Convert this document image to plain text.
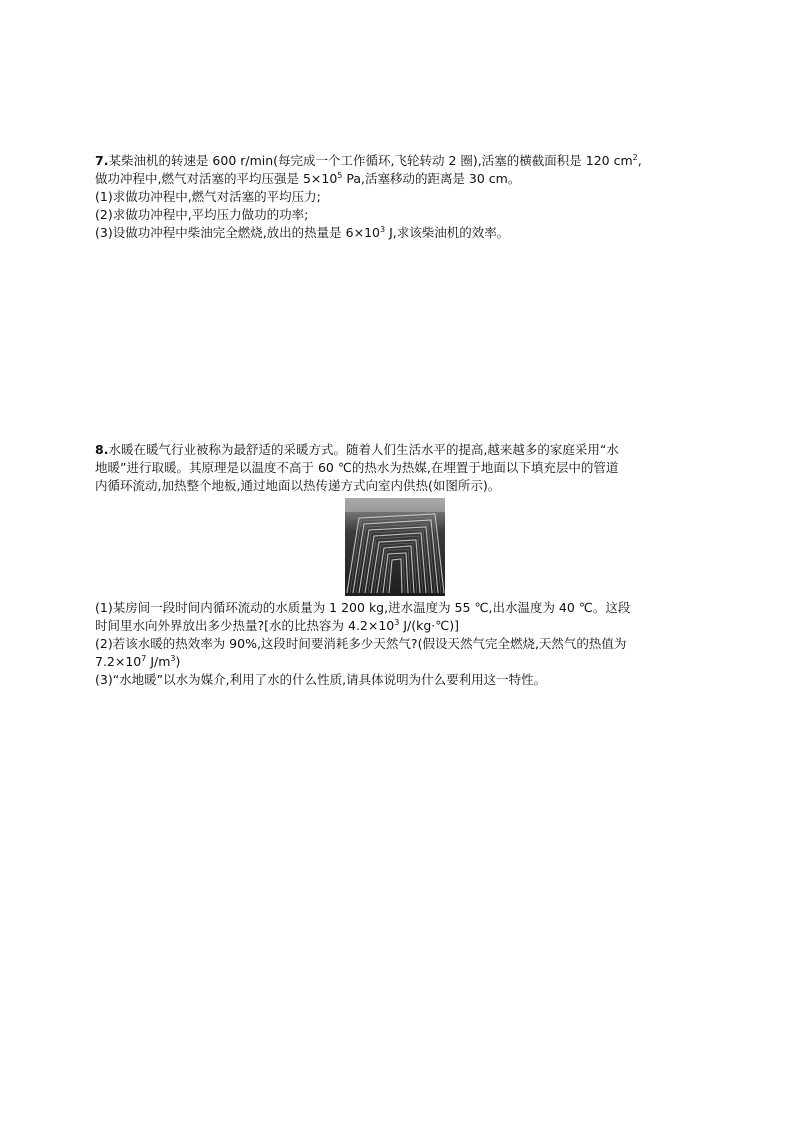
7.某柴油机的转速是 600 r/min(每完成一个工作循环,飞轮转动 2 圈),活塞的横截面积是 120 $cm^2$,

做功冲程中,燃气对活塞的平均压强是 $5\times 10^5$ Pa,活塞移动的距离是 30 cm。

(1)求做功冲程中,燃气对活塞的平均压力;

(2)求做功冲程中,平均压力做功的功率;

(3)设做功冲程中柴油完全燃烧,放出的热量是 $6\times 10^3$ J,求该柴油机的效率。

8.水暖在暖气行业被称为最舒适的采暖方式。随着人们生活水平的提高,越来越多的家庭采用“水

地暖”进行取暖。其原理是以温度不高于 60 ℃的热水为热媒,在埋置于地面以下填充层中的管道

内循环流动,加热整个地板,通过地面以热传递方式向室内供热(如图所示)。

(1)某房间一段时间内循环流动的水质量为 1 200 kg,进水温度为 55 ℃,出水温度为 40 ℃。这段

时间里水向外界放出多少热量?[水的比热容为 $4.2\times 10^3$ J/(kg·℃)]

(2)若该水暖的热效率为 90%,这段时间要消耗多少天然气?(假设天然气完全燃烧,天然气的热值为

$7.2\times 10^7$ $J/m^3$)

(3)“水地暖”以水为媒介,利用了水的什么性质,请具体说明为什么要利用这一特性。
